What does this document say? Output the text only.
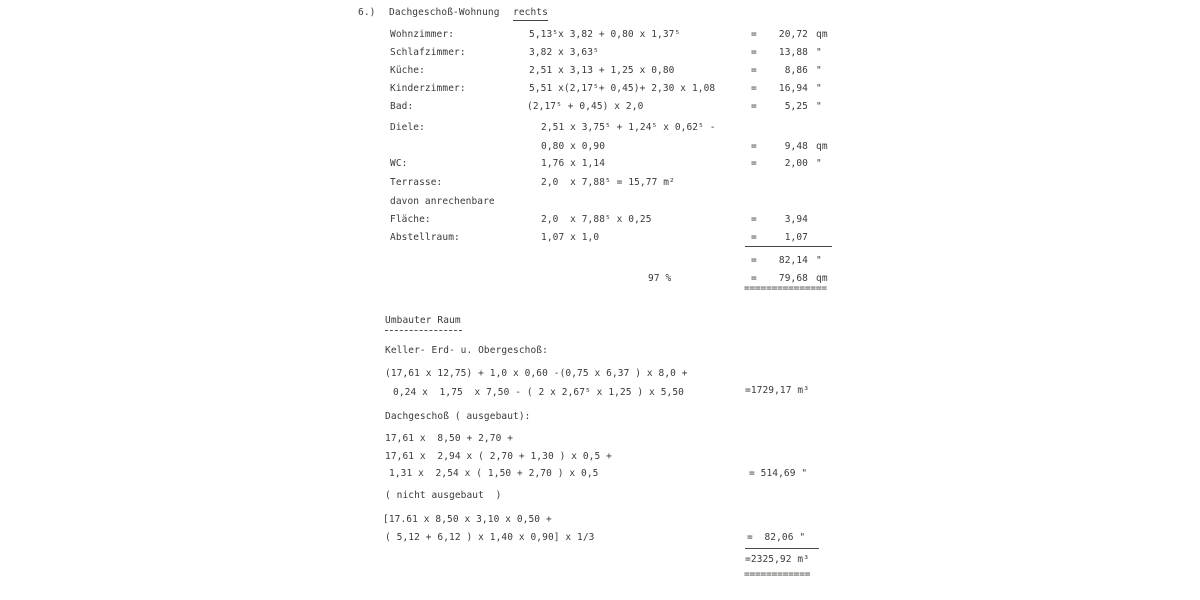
6.) Dachgeschoß-Wohnung rechts
Wohnzimmer:	5,13⁵x 3,82 + 0,80 x 1,37⁵	=	20,72 qm
Schlafzimmer:	3,82 x 3,63⁵	=	13,88 "
Küche:	2,51 x 3,13 + 1,25 x 0,80	=	8,86 "
Kinderzimmer:	5,51 x(2,17⁵+ 0,45)+ 2,30 x 1,08	=	16,94 "
Bad:	(2,17⁵ + 0,45) x 2,0	=	5,25 "
Diele:	2,51 x 3,75⁵ + 1,24⁵ x 0,62⁵ -
0,80 x 0,90	=	9,48 qm
WC:	1,76 x 1,14	=	2,00 "
Terrasse:	2,0  x 7,88⁵ = 15,77 m²
davon anrechenbare
Fläche:	2,0  x 7,88⁵ x 0,25	=	3,94
Abstellraum:	1,07 x 1,0	=	1,07
=	82,14 "
97 %	=	79,68 qm
===============
Umbauter Raum
Keller- Erd- u. Obergeschoß:
(17,61 x 12,75) + 1,0 x 0,60 -(0,75 x 6,37 ) x 8,0 +
0,24 x  1,75  x 7,50 - ( 2 x 2,67⁵ x 1,25 ) x 5,50	=1729,17 m³
Dachgeschoß ( ausgebaut):
17,61 x  8,50 + 2,70 +
17,61 x  2,94 x ( 2,70 + 1,30 ) x 0,5 +
1,31 x  2,54 x ( 1,50 + 2,70 ) x 0,5	= 514,69 "
( nicht ausgebaut  )
[17.61 x 8,50 x 3,10 x 0,50 +
( 5,12 + 6,12 ) x 1,40 x 0,90] x 1/3	=  82,06 "
=2325,92 m³
============
